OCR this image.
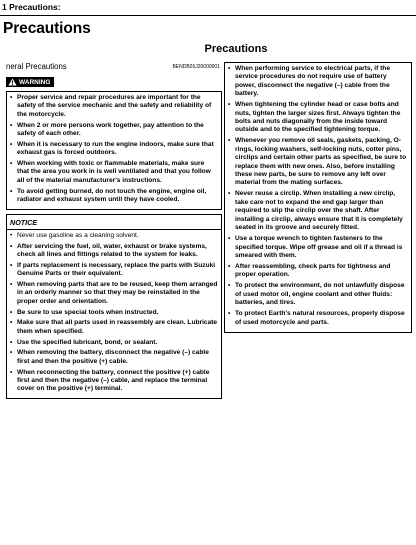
1 Precautions:
Precautions
Precautions
neral Precautions	BENDB26J20000001
WARNING
• Proper service and repair procedures are important for the safety of the service mechanic and the safety and reliability of the motorcycle.
• When 2 or more persons work together, pay attention to the safety of each other.
• When it is necessary to run the engine indoors, make sure that exhaust gas is forced outdoors.
• When working with toxic or flammable materials, make sure that the area you work in is well ventilated and that you follow all of the material manufacturer's instructions.
• To avoid getting burned, do not touch the engine, engine oil, radiator and exhaust system until they have cooled.
NOTICE
• Never use gasoline as a cleaning solvent.
• After servicing the fuel, oil, water, exhaust or brake systems, check all lines and fittings related to the system for leaks.
• If parts replacement is necessary, replace the parts with Suzuki Genuine Parts or their equivalent.
• When removing parts that are to be reused, keep them arranged in an orderly manner so that they may be reinstalled in the proper order and orientation.
• Be sure to use special tools when instructed.
• Make sure that all parts used in reassembly are clean. Lubricate them when specified.
• Use the specified lubricant, bond, or sealant.
• When removing the battery, disconnect the negative (–) cable first and then the positive (+) cable.
• When reconnecting the battery, connect the positive (+) cable first and then the negative (–) cable, and replace the terminal cover on the positive (+) terminal.
• When performing service to electrical parts, if the service procedures do not require use of battery power, disconnect the negative (–) cable from the battery.
• When tightening the cylinder head or case bolts and nuts, tighten the larger sizes first. Always tighten the bolts and nuts diagonally from the inside toward outside and to the specified tightening torque.
• Whenever you remove oil seals, gaskets, packing, O-rings, locking washers, self-locking nuts, cotter pins, circlips and certain other parts as specified, be sure to replace them with new ones. Also, before installing these new parts, be sure to remove any left over material from the mating surfaces.
• Never reuse a circlip. When installing a new circlip, take care not to expand the end gap larger than required to slip the circlip over the shaft. After installing a circlip, always ensure that it is completely seated in its groove and securely fitted.
• Use a torque wrench to tighten fasteners to the specified torque. Wipe off grease and oil if a thread is smeared with them.
• After reassembling, check parts for tightness and proper operation.
• To protect the environment, do not unlawfully dispose of used motor oil, engine coolant and other fluids: batteries, and tires.
• To protect Earth's natural resources, properly dispose of used motorcycle and parts.
